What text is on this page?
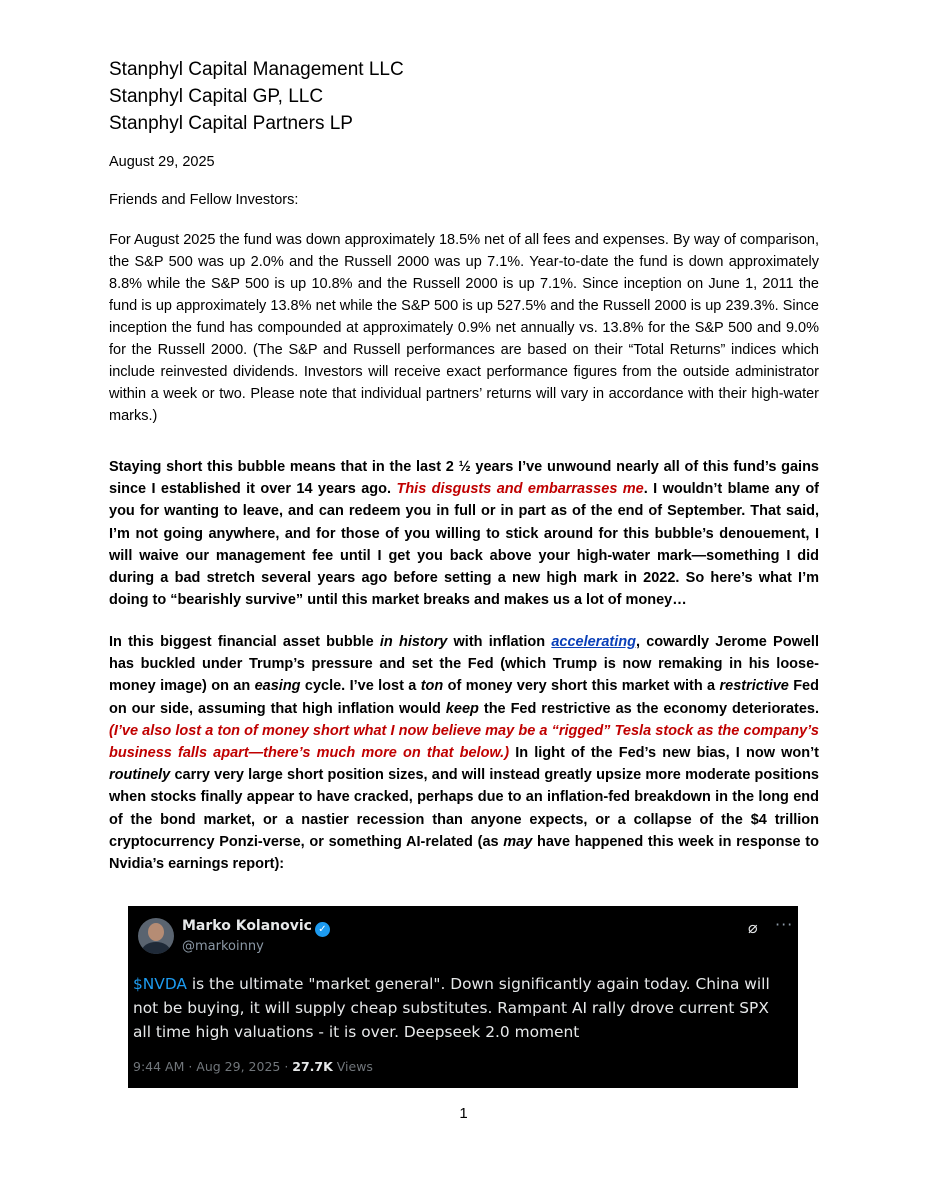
Stanphyl Capital Management LLC
Stanphyl Capital GP, LLC
Stanphyl Capital Partners LP
August 29, 2025
Friends and Fellow Investors:

For August 2025 the fund was down approximately 18.5% net of all fees and expenses. By way of comparison, the S&P 500 was up 2.0% and the Russell 2000 was up 7.1%. Year-to-date the fund is down approximately 8.8% while the S&P 500 is up 10.8% and the Russell 2000 is up 7.1%. Since inception on June 1, 2011 the fund is up approximately 13.8% net while the S&P 500 is up 527.5% and the Russell 2000 is up 239.3%. Since inception the fund has compounded at approximately 0.9% net annually vs. 13.8% for the S&P 500 and 9.0% for the Russell 2000. (The S&P and Russell performances are based on their “Total Returns” indices which include reinvested dividends. Investors will receive exact performance figures from the outside administrator within a week or two. Please note that individual partners’ returns will vary in accordance with their high-water marks.)

Staying short this bubble means that in the last 2 ½ years I’ve unwound nearly all of this fund’s gains since I established it over 14 years ago. This disgusts and embarrasses me. I wouldn’t blame any of you for wanting to leave, and can redeem you in full or in part as of the end of September. That said, I’m not going anywhere, and for those of you willing to stick around for this bubble’s denouement, I will waive our management fee until I get you back above your high-water mark—something I did during a bad stretch several years ago before setting a new high mark in 2022. So here’s what I’m doing to “bearishly survive” until this market breaks and makes us a lot of money…

In this biggest financial asset bubble in history with inflation accelerating, cowardly Jerome Powell has buckled under Trump’s pressure and set the Fed (which Trump is now remaking in his loose-money image) on an easing cycle. I’ve lost a ton of money very short this market with a restrictive Fed on our side, assuming that high inflation would keep the Fed restrictive as the economy deteriorates. (I’ve also lost a ton of money short what I now believe may be a “rigged” Tesla stock as the company’s business falls apart—there’s much more on that below.) In light of the Fed’s new bias, I now won’t routinely carry very large short position sizes, and will instead greatly upsize more moderate positions when stocks finally appear to have cracked, perhaps due to an inflation-fed breakdown in the long end of the bond market, or a nastier recession than anyone expects, or a collapse of the $4 trillion cryptocurrency Ponzi-verse, or something AI-related (as may have happened this week in response to Nvidia’s earnings report):

Marko Kolanovic ✓
@markoinny
⌀ ···
$NVDA is the ultimate "market general". Down significantly again today. China will not be buying, it will supply cheap substitutes. Rampant AI rally drove current SPX all time high valuations - it is over. Deepseek 2.0 moment
9:44 AM · Aug 29, 2025 · 27.7K Views
1
